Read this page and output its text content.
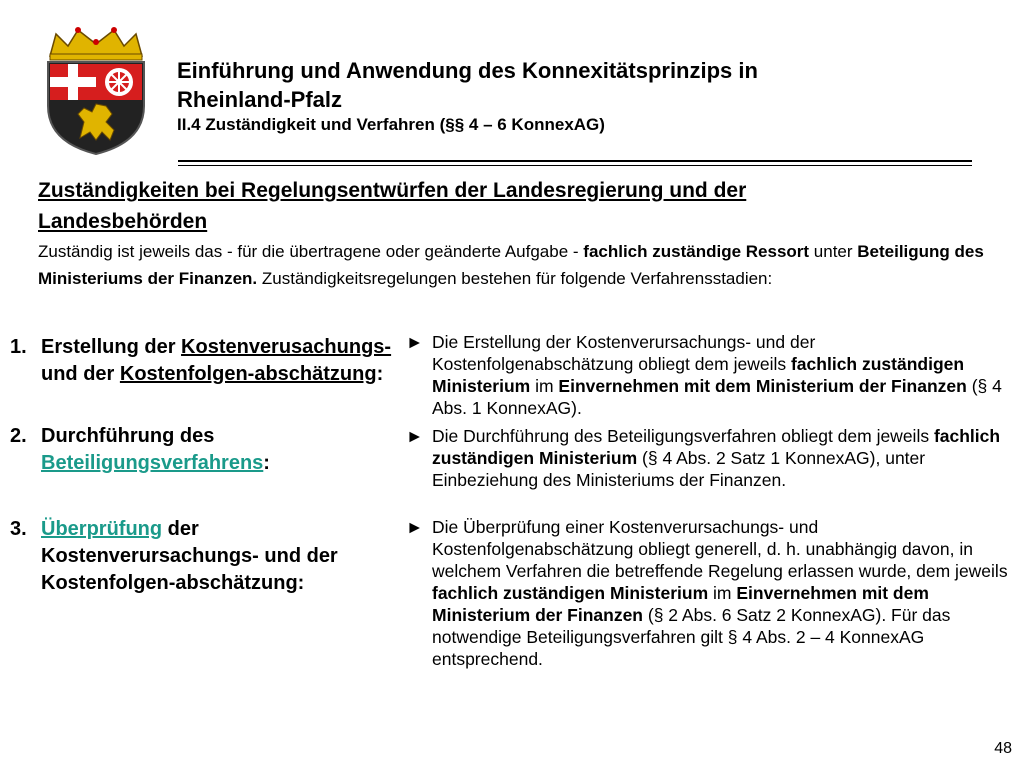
Einführung und Anwendung des Konnexitätsprinzips in
Rheinland-Pfalz
II.4 Zuständigkeit und Verfahren (§§ 4 – 6 KonnexAG)
Zuständigkeiten bei Regelungsentwürfen der Landesregierung und der
Landesbehörden
Zuständig ist jeweils das - für die übertragene oder geänderte Aufgabe - fachlich zuständige Ressort unter Beteiligung des Ministeriums der Finanzen. Zuständigkeitsregelungen bestehen für folgende Verfahrensstadien:
1. Erstellung der Kostenverusachungs- und der Kostenfolgen-abschätzung:
2. Durchführung des Beteiligungsverfahrens:
3. Überprüfung der Kostenverursachungs- und der Kostenfolgen-abschätzung:
► Die Erstellung der Kostenverursachungs- und der Kostenfolgenabschätzung obliegt dem jeweils fachlich zuständigen Ministerium im Einvernehmen mit dem Ministerium der Finanzen (§ 4 Abs. 1 KonnexAG).
► Die Durchführung des Beteiligungsverfahren obliegt dem jeweils fachlich zuständigen Ministerium (§ 4 Abs. 2 Satz 1 KonnexAG), unter Einbeziehung des Ministeriums der Finanzen.
► Die Überprüfung einer Kostenverursachungs- und Kostenfolgenabschätzung obliegt generell, d. h. unabhängig davon, in welchem Verfahren die betreffende Regelung erlassen wurde, dem jeweils fachlich zuständigen Ministerium im Einvernehmen mit dem Ministerium der Finanzen (§ 2 Abs. 6 Satz 2 KonnexAG). Für das notwendige Beteiligungsverfahren gilt § 4 Abs. 2 – 4 KonnexAG entsprechend.
48
